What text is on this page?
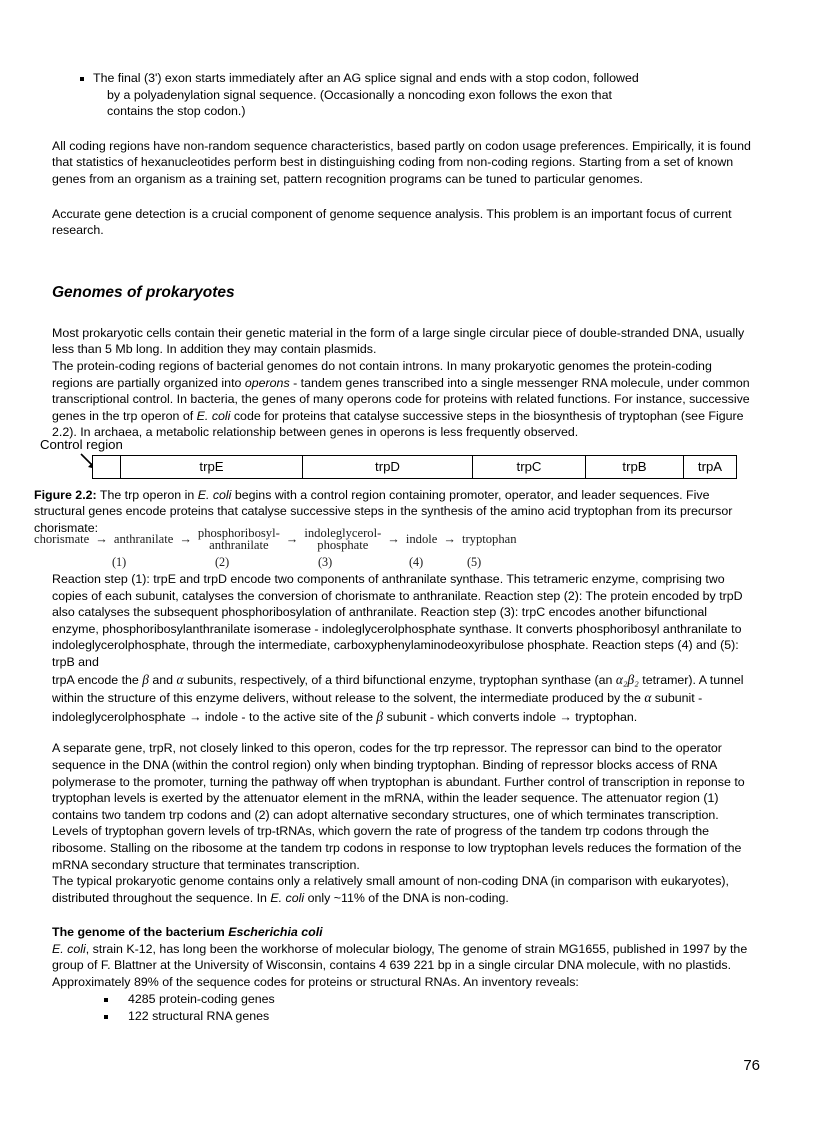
The final (3') exon starts immediately after an AG splice signal and ends with a stop codon, followed
by a polyadenylation signal sequence. (Occasionally a noncoding exon follows the exon that
contains the stop codon.)

All coding regions have non-random sequence characteristics, based partly on codon usage preferences. Empirically, it is found that statistics of hexanucleotides perform best in distinguishing coding from non-coding regions. Starting from a set of known genes from an organism as a training set, pattern recognition programs can be tuned to particular genomes.

Accurate gene detection is a crucial component of genome sequence analysis. This problem is an important focus of current research.

Genomes of prokaryotes

Most prokaryotic cells contain their genetic material in the form of a large single circular piece of double-stranded DNA, usually less than 5 Mb long. In addition they may contain plasmids.

The protein-coding regions of bacterial genomes do not contain introns. In many prokaryotic genomes the protein-coding regions are partially organized into operons - tandem genes transcribed into a single messenger RNA molecule, under common transcriptional control. In bacteria, the genes of many operons code for proteins with related functions. For instance, successive genes in the trp operon of E. coli code for proteins that catalyse successive steps in the biosynthesis of tryptophan (see Figure 2.2). In archaea, a metabolic relationship between genes in operons is less frequently observed.

Control region
trpE	trpD	trpC	trpB	trpA
Figure 2.2: The trp operon in E. coli begins with a control region containing promoter, operator, and leader sequences. Five structural genes encode proteins that catalyse successive steps in the synthesis of the amino acid tryptophan from its precursor chorismate:
chorismate → anthranilate → phosphoribosyl-
anthranilate	→ indoleglycerol-
phosphate	→ indole → tryptophan
(1)	(2)	(3)	(4)	(5)

Reaction step (1): trpE and trpD encode two components of anthranilate synthase. This tetrameric enzyme, comprising two copies of each subunit, catalyses the conversion of chorismate to anthranilate. Reaction step (2): The protein encoded by trpD also catalyses the subsequent phosphoribosylation of anthranilate. Reaction step (3): trpC encodes another bifunctional enzyme, phosphoribosylanthranilate isomerase - indoleglycerolphosphate synthase. It converts phosphoribosyl anthranilate to indoleglycerolphosphate, through the intermediate, carboxyphenylaminodeoxyribulose phosphate. Reaction steps (4) and (5): trpB and

trpA encode the β and α subunits, respectively, of a third bifunctional enzyme, tryptophan synthase (an α₂β₂ tetramer). A tunnel within the structure of this enzyme delivers, without release to the solvent, the intermediate produced by the α subunit - indoleglycerolphosphate → indole - to the active site of the β subunit - which converts indole → tryptophan.

A separate gene, trpR, not closely linked to this operon, codes for the trp repressor. The repressor can bind to the operator sequence in the DNA (within the control region) only when binding tryptophan. Binding of repressor blocks access of RNA polymerase to the promoter, turning the pathway off when tryptophan is abundant. Further control of transcription in reponse to tryptophan levels is exerted by the attenuator element in the mRNA, within the leader sequence. The attenuator region (1) contains two tandem trp codons and (2) can adopt alternative secondary structures, one of which terminates transcription. Levels of tryptophan govern levels of trp-tRNAs, which govern the rate of progress of the tandem trp codons through the ribosome. Stalling on the ribosome at the tandem trp codons in response to low tryptophan levels reduces the formation of the mRNA secondary structure that terminates transcription.

The typical prokaryotic genome contains only a relatively small amount of non-coding DNA (in comparison with eukaryotes), distributed throughout the sequence. In E. coli only ~11% of the DNA is non-coding.

The genome of the bacterium Escherichia coli

E. coli, strain K-12, has long been the workhorse of molecular biology, The genome of strain MG1655, published in 1997 by the group of F. Blattner at the University of Wisconsin, contains 4 639 221 bp in a single circular DNA molecule, with no plastids. Approximately 89% of the sequence codes for proteins or structural RNAs. An inventory reveals:

4285 protein-coding genes
122 structural RNA genes
76
